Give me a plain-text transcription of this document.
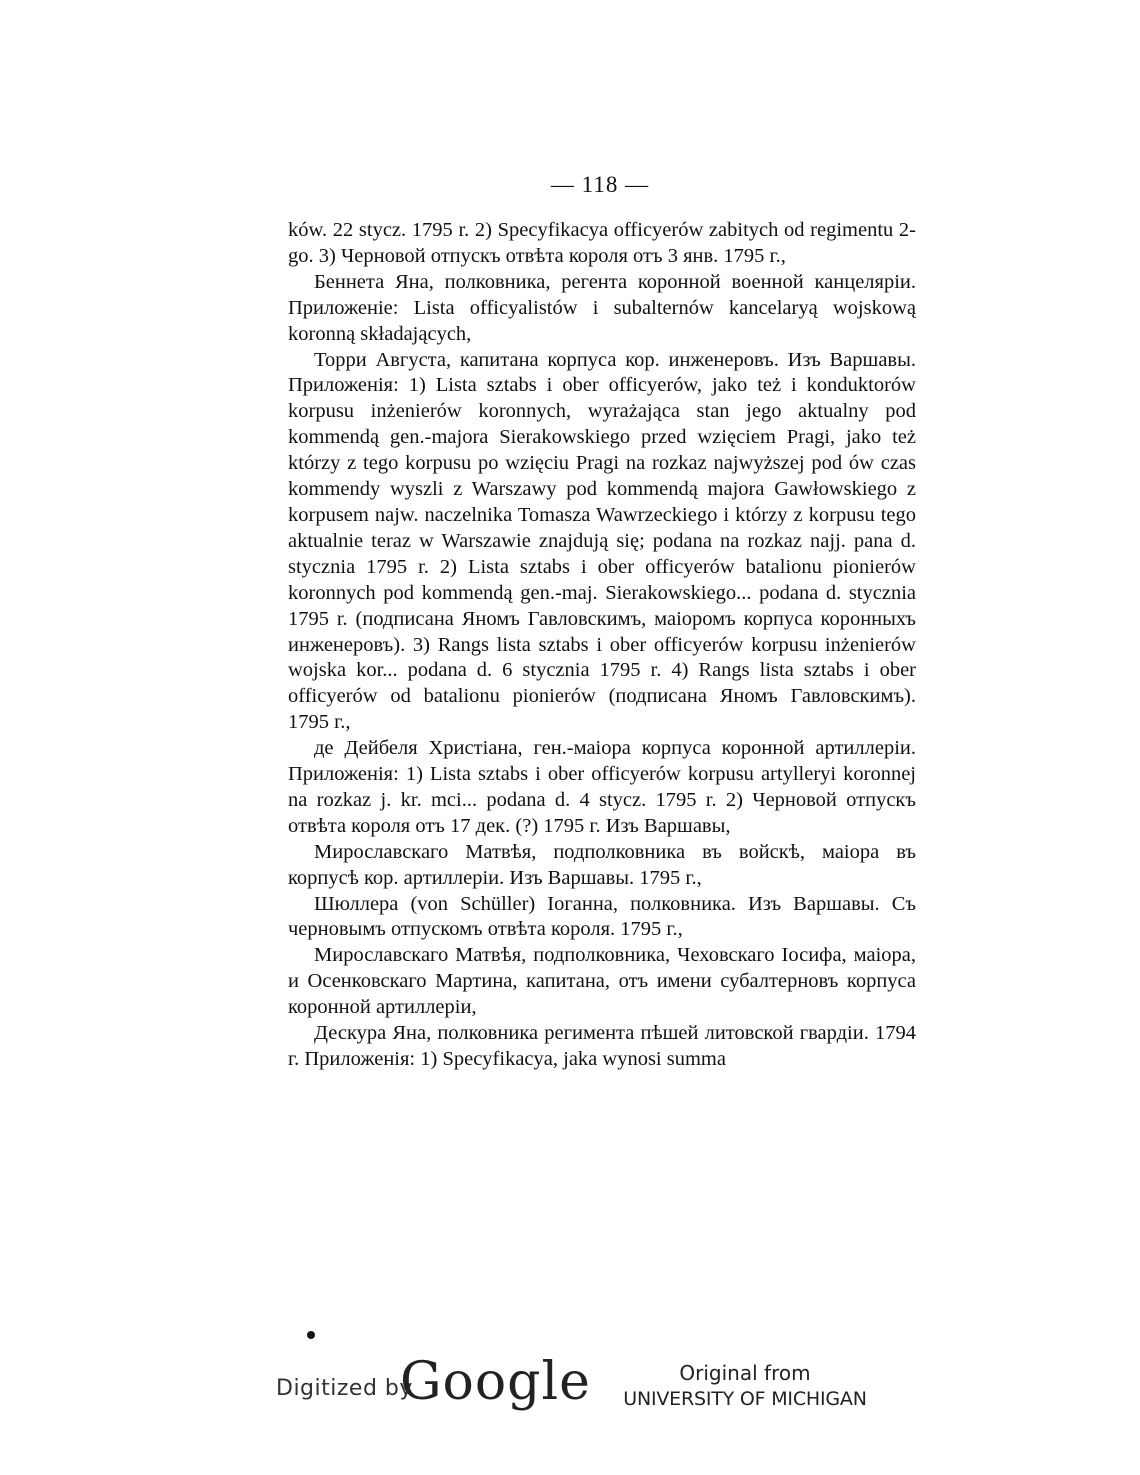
— 118 —

ków. 22 stycz. 1795 r. 2) Specyfikacya officyerów zabitych od regimentu 2-go. 3) Черновой отпускъ отвѣта короля отъ 3 янв. 1795 г.,

Беннета Яна, полковника, регента коронной военной канцеляріи. Приложеніе: Lista officyalistów i subalternów kancelaryą wojskową koronną składających,

Торри Августа, капитана корпуса кор. инженеровъ. Изъ Варшавы. Приложенія: 1) Lista sztabs i ober officyerów, jako też i konduktorów korpusu inżenierów koronnych, wyrażająca stan jego aktualny pod kommendą gen.-majora Sierakowskiego przed wzięciem Pragi, jako też którzy z tego korpusu po wzięciu Pragi na rozkaz najwyższej pod ów czas kommendy wyszli z Warszawy pod kommendą majora Gawłowskiego z korpusem najw. naczelnika Tomasza Wawrzeckiego i którzy z korpusu tego aktualnie teraz w Warszawie znajdują się; podana na rozkaz najj. pana d. stycznia 1795 r. 2) Lista sztabs i ober officyerów batalionu pionierów koronnych pod kommendą gen.-maj. Sierakowskiego... podana d. stycznia 1795 r. (подписана Яномъ Гавловскимъ, маіоромъ корпуса коронныхъ инженеровъ). 3) Rangs lista sztabs i ober officyerów korpusu inżenierów wojska kor... podana d. 6 stycznia 1795 r. 4) Rangs lista sztabs i ober officyerów od batalionu pionierów (подписана Яномъ Гавловскимъ). 1795 г.,

де Дейбеля Христіана, ген.-маіора корпуса коронной артиллеріи. Приложенія: 1) Lista sztabs i ober officyerów korpusu artylleryi koronnej na rozkaz j. kr. mci... podana d. 4 stycz. 1795 r. 2) Черновой отпускъ отвѣта короля отъ 17 дек. (?) 1795 г. Изъ Варшавы,

Мирославскаго Матвѣя, подполковника въ войскѣ, маіора въ корпусѣ кор. артиллеріи. Изъ Варшавы. 1795 г.,

Шюллера (von Schüller) Іоганна, полковника. Изъ Варшавы. Съ черновымъ отпускомъ отвѣта короля. 1795 г.,

Мирославскаго Матвѣя, подполковника, Чеховскаго Іосифа, маіора, и Осенковскаго Мартина, капитана, отъ имени субалтерновъ корпуса коронной артиллеріи,

Дескура Яна, полковника регимента пѣшей литовской гвардіи. 1794 г. Приложенія: 1) Specyfikacya, jaka wynosi summa

Digitized by
Google	Original from
UNIVERSITY OF MICHIGAN
